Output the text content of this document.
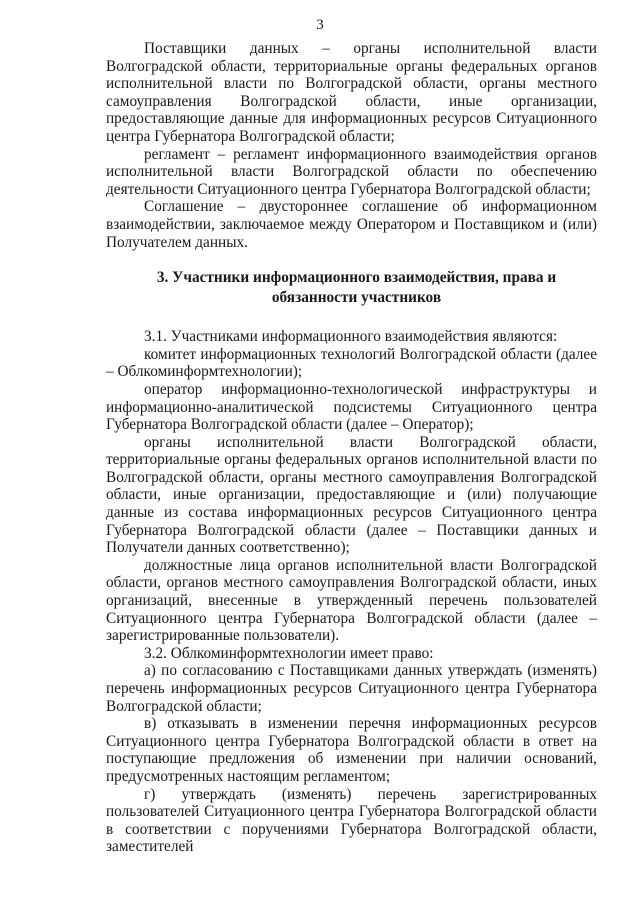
3

Поставщики данных – органы исполнительной власти Волгоградской области, территориальные органы федеральных органов исполнительной власти по Волгоградской области, органы местного самоуправления Волгоградской области, иные организации, предоставляющие данные для информационных ресурсов Ситуационного центра Губернатора Волгоградской области;

регламент – регламент информационного взаимодействия органов исполнительной власти Волгоградской области по обеспечению деятельности Ситуационного центра Губернатора Волгоградской области;

Соглашение – двустороннее соглашение об информационном взаимодействии, заключаемое между Оператором и Поставщиком и (или) Получателем данных.

3. Участники информационного взаимодействия, права и
обязанности участников

3.1. Участниками информационного взаимодействия являются:

комитет информационных технологий Волгоградской области (далее – Облкоминформтехнологии);

оператор информационно-технологической инфраструктуры и информационно-аналитической подсистемы Ситуационного центра Губернатора Волгоградской области (далее – Оператор);

органы исполнительной власти Волгоградской области, территориальные органы федеральных органов исполнительной власти по Волгоградской области, органы местного самоуправления Волгоградской области, иные организации, предоставляющие и (или) получающие данные из состава информационных ресурсов Ситуационного центра Губернатора Волгоградской области (далее – Поставщики данных и Получатели данных соответственно);

должностные лица органов исполнительной власти Волгоградской области, органов местного самоуправления Волгоградской области, иных организаций, внесенные в утвержденный перечень пользователей Ситуационного центра Губернатора Волгоградской области (далее – зарегистрированные пользователи).

3.2. Облкоминформтехнологии имеет право:

а) по согласованию с Поставщиками данных утверждать (изменять) перечень информационных ресурсов Ситуационного центра Губернатора Волгоградской области;

в) отказывать в изменении перечня информационных ресурсов Ситуационного центра Губернатора Волгоградской области в ответ на поступающие предложения об изменении при наличии оснований, предусмотренных настоящим регламентом;

г) утверждать (изменять) перечень зарегистрированных пользователей Ситуационного центра Губернатора Волгоградской области в соответствии с поручениями Губернатора Волгоградской области, заместителей
